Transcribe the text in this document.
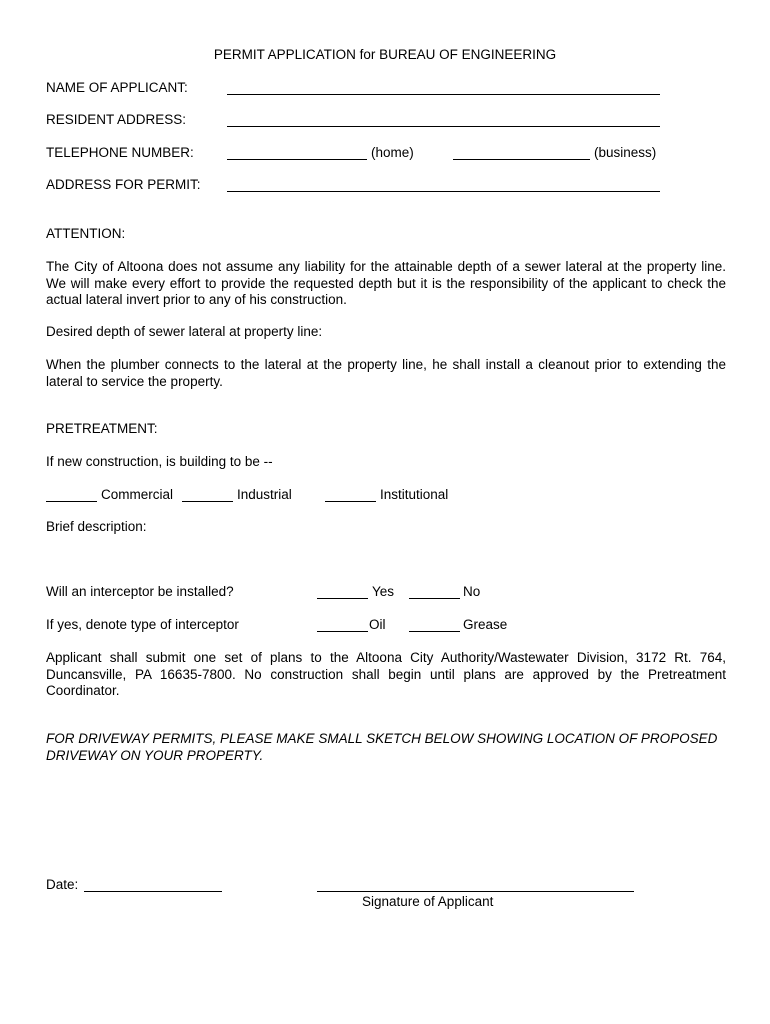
PERMIT APPLICATION for BUREAU OF ENGINEERING
NAME OF APPLICANT:
RESIDENT ADDRESS:
TELEPHONE NUMBER:	(home)	(business)
ADDRESS FOR PERMIT:
ATTENTION:
The City of Altoona does not assume any liability for the attainable depth of a sewer lateral at the property line. We will make every effort to provide the requested depth but it is the responsibility of the applicant to check the actual lateral invert prior to any of his construction.
Desired depth of sewer lateral at property line:
When the plumber connects to the lateral at the property line, he shall install a cleanout prior to extending the lateral to service the property.
PRETREATMENT:
If new construction, is building to be --
Commercial	Industrial	Institutional
Brief description:
Will an interceptor be installed?	Yes	No
If yes, denote type of interceptor	Oil	Grease
Applicant shall submit one set of plans to the Altoona City Authority/Wastewater Division, 3172 Rt. 764, Duncansville, PA 16635-7800. No construction shall begin until plans are approved by the Pretreatment Coordinator.
FOR DRIVEWAY PERMITS, PLEASE MAKE SMALL SKETCH BELOW SHOWING LOCATION OF PROPOSED DRIVEWAY ON YOUR PROPERTY.
Date:
Signature of Applicant
